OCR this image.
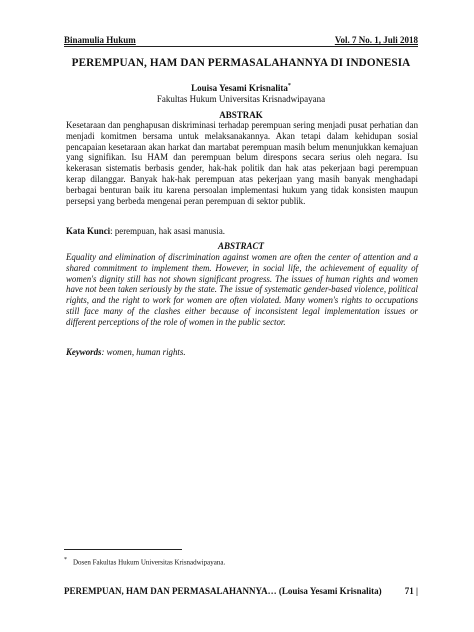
Binamulia Hukum	Vol. 7 No. 1, Juli 2018
PEREMPUAN, HAM DAN PERMASALAHANNYA DI INDONESIA
Louisa Yesami Krisnalita*
Fakultas Hukum Universitas Krisnadwipayana
ABSTRAK
Kesetaraan dan penghapusan diskriminasi terhadap perempuan sering menjadi pusat perhatian dan menjadi komitmen bersama untuk melaksanakannya. Akan tetapi dalam kehidupan sosial pencapaian kesetaraan akan harkat dan martabat perempuan masih belum menunjukkan kemajuan yang signifikan. Isu HAM dan perempuan belum direspons secara serius oleh negara. Isu kekerasan sistematis berbasis gender, hak-hak politik dan hak atas pekerjaan bagi perempuan kerap dilanggar. Banyak hak-hak perempuan atas pekerjaan yang masih banyak menghadapi berbagai benturan baik itu karena persoalan implementasi hukum yang tidak konsisten maupun persepsi yang berbeda mengenai peran perempuan di sektor publik.
Kata Kunci: perempuan, hak asasi manusia.
ABSTRACT
Equality and elimination of discrimination against women are often the center of attention and a shared commitment to implement them. However, in social life, the achievement of equality of women's dignity still has not shown significant progress. The issues of human rights and women have not been taken seriously by the state. The issue of systematic gender-based violence, political rights, and the right to work for women are often violated. Many women's rights to occupations still face many of the clashes either because of inconsistent legal implementation issues or different perceptions of the role of women in the public sector.
Keywords: women, human rights.
* Dosen Fakultas Hukum Universitas Krisnadwipayana.
PEREMPUAN, HAM DAN PERMASALAHANNYA… (Louisa Yesami Krisnalita)	71 |
